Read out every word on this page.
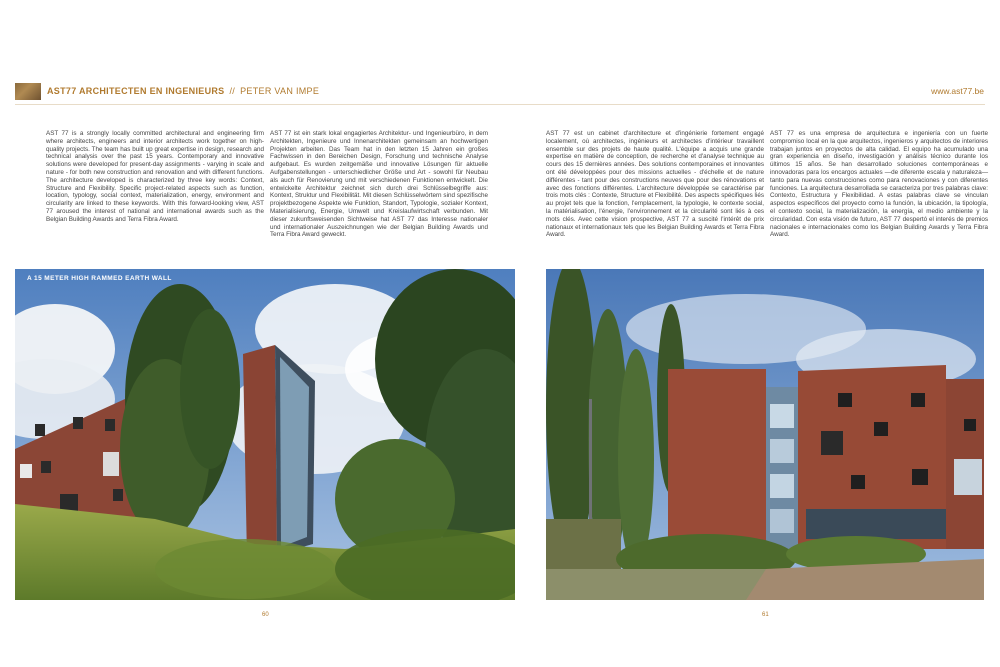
AST77 ARCHITECTEN EN INGENIEURS // PETER VAN IMPE	www.ast77.be
AST 77 is a strongly locally committed architectural and engineering firm where architects, engineers and interior architects work together on high-quality projects. The team has built up great expertise in design, research and technical analysis over the past 15 years. Contemporary and innovative solutions were developed for present-day assignments - varying in scale and nature - for both new construction and renovation and with different functions. The architecture developed is characterized by three key words: Context, Structure and Flexibility. Specific project-related aspects such as function, location, typology, social context, materialization, energy, environment and circularity are linked to these keywords. With this forward-looking view, AST 77 aroused the interest of national and international awards such as the Belgian Building Awards and Terra Fibra Award.
AST 77 ist ein stark lokal engagiertes Architektur- und Ingenieurbüro, in dem Architekten, Ingenieure und Innenarchitekten gemeinsam an hochwertigen Projekten arbeiten. Das Team hat in den letzten 15 Jahren ein großes Fachwissen in den Bereichen Design, Forschung und technische Analyse aufgebaut. Es wurden zeitgemäße und innovative Lösungen für aktuelle Aufgabenstellungen - unterschiedlicher Größe und Art - sowohl für Neubau als auch für Renovierung und mit verschiedenen Funktionen entwickelt. Die entwickelte Architektur zeichnet sich durch drei Schlüsselbegriffe aus: Kontext, Struktur und Flexibilität. Mit diesen Schlüsselwörtern sind spezifische projektbezogene Aspekte wie Funktion, Standort, Typologie, sozialer Kontext, Materialisierung, Energie, Umwelt und Kreislaufwirtschaft verbunden. Mit dieser zukunftsweisenden Sichtweise hat AST 77 das Interesse nationaler und internationaler Auszeichnungen wie der Belgian Building Awards und Terra Fibra Award geweckt.
AST 77 est un cabinet d'architecture et d'ingénierie fortement engagé localement, où architectes, ingénieurs et architectes d'intérieur travaillent ensemble sur des projets de haute qualité. L'équipe a acquis une grande expertise en matière de conception, de recherche et d'analyse technique au cours des 15 dernières années. Des solutions contemporaines et innovantes ont été développées pour des missions actuelles - d'échelle et de nature différentes - tant pour des constructions neuves que pour des rénovations et avec des fonctions différentes. L'architecture développée se caractérise par trois mots clés : Contexte, Structure et Flexibilité. Des aspects spécifiques liés au projet tels que la fonction, l'emplacement, la typologie, le contexte social, la matérialisation, l'énergie, l'environnement et la circularité sont liés à ces mots clés. Avec cette vision prospective, AST 77 a suscité l'intérêt de prix nationaux et internationaux tels que les Belgian Building Awards et Terra Fibra Award.
AST 77 es una empresa de arquitectura e ingeniería con un fuerte compromiso local en la que arquitectos, ingenieros y arquitectos de interiores trabajan juntos en proyectos de alta calidad. El equipo ha acumulado una gran experiencia en diseño, investigación y análisis técnico durante los últimos 15 años. Se han desarrollado soluciones contemporáneas e innovadoras para los encargos actuales —de diferente escala y naturaleza— tanto para nuevas construcciones como para renovaciones y con diferentes funciones. La arquitectura desarrollada se caracteriza por tres palabras clave: Contexto, Estructura y Flexibilidad. A estas palabras clave se vinculan aspectos específicos del proyecto como la función, la ubicación, la tipología, el contexto social, la materialización, la energía, el medio ambiente y la circularidad. Con esta visión de futuro, AST 77 despertó el interés de premios nacionales e internacionales como los Belgian Building Awards y Terra Fibra Award.
A 15 METER HIGH RAMMED EARTH WALL
60	61
